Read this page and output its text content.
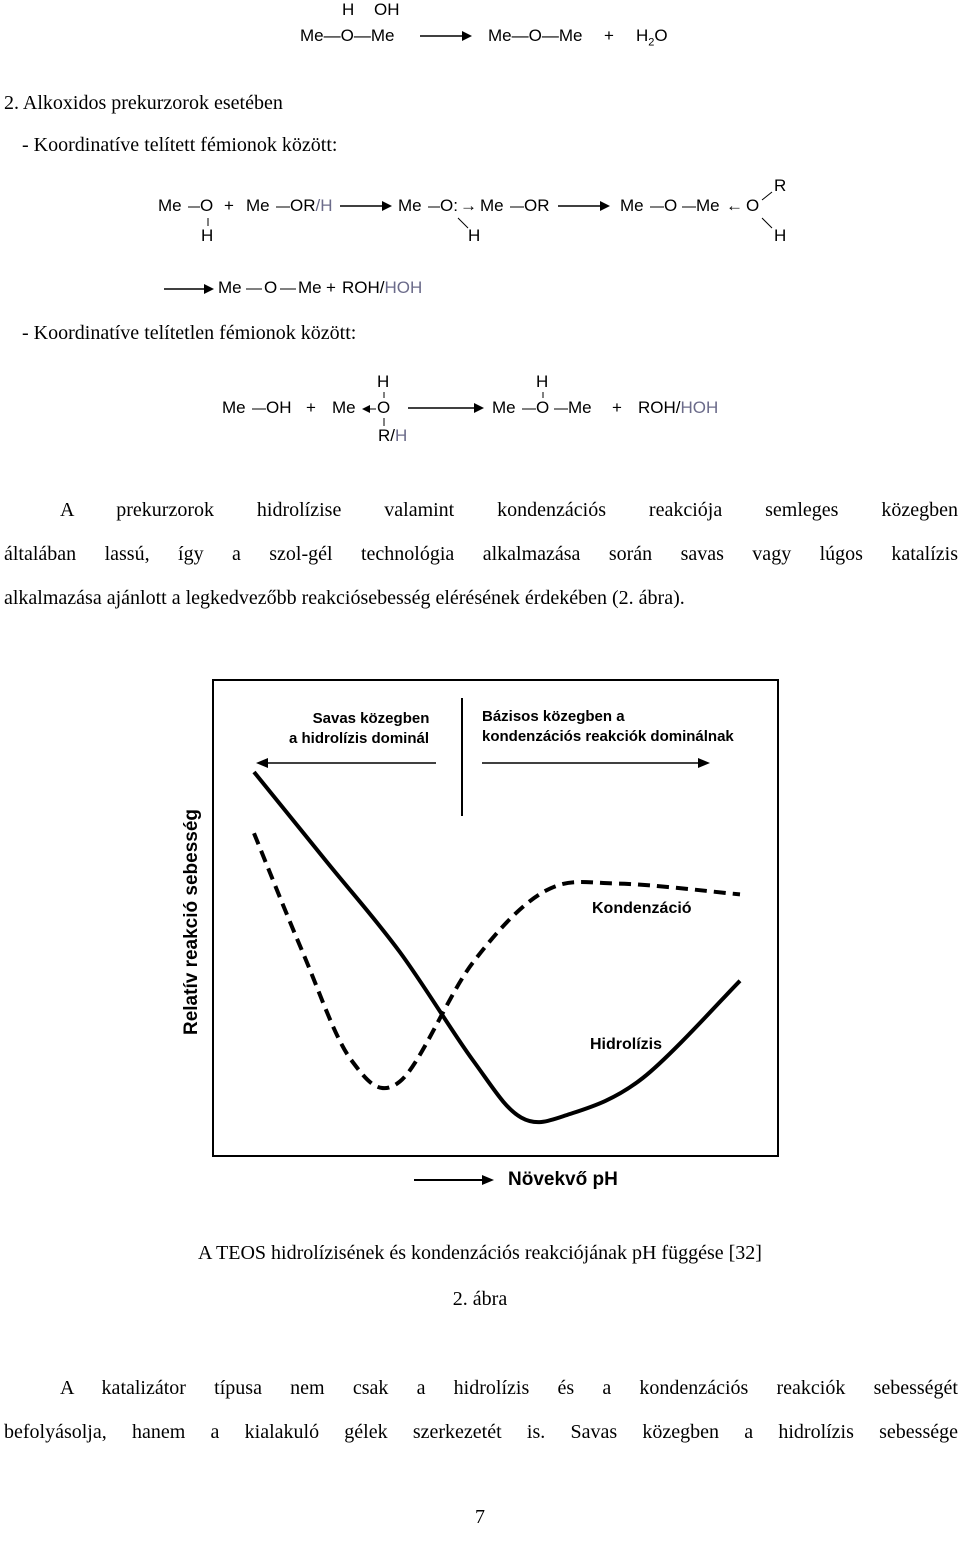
H OH
Me—O—Me	Me—O—Me + $H_2O$
2. Alkoxidos prekurzorok esetében
- Koordinatíve telített fémionok között:
Me O
H
+ Me OR/H	Me O: ← Me OR
H
Me O Me ← O
R
H
Me O Me + ROH/HOH
- Koordinatíve telítetlen fémionok között:
Me OH + Me O
H
R/H
Me O
H
Me + ROH/HOH
A prekurzorok hidrolízise valamint kondenzációs reakciója semleges közegben
általában lassú, így a szol-gél technológia alkalmazása során savas vagy lúgos katalízis
alkalmazása ajánlott a legkedvezőbb reakciósebesség elérésének érdekében (2. ábra).
Savas közegben
a hidrolízis dominál
Bázisos közegben a
kondenzációs reakciók dominálnak
Relatív reakció sebesség	Kondenzáció
Hidrolízis
Növekvő pH
A TEOS hidrolízisének és kondenzációs reakciójának pH függése [32]
2. ábra
A katalizátor típusa nem csak a hidrolízis és a kondenzációs reakciók sebességét
befolyásolja, hanem a kialakuló gélek szerkezetét is. Savas közegben a hidrolízis sebessége
7
